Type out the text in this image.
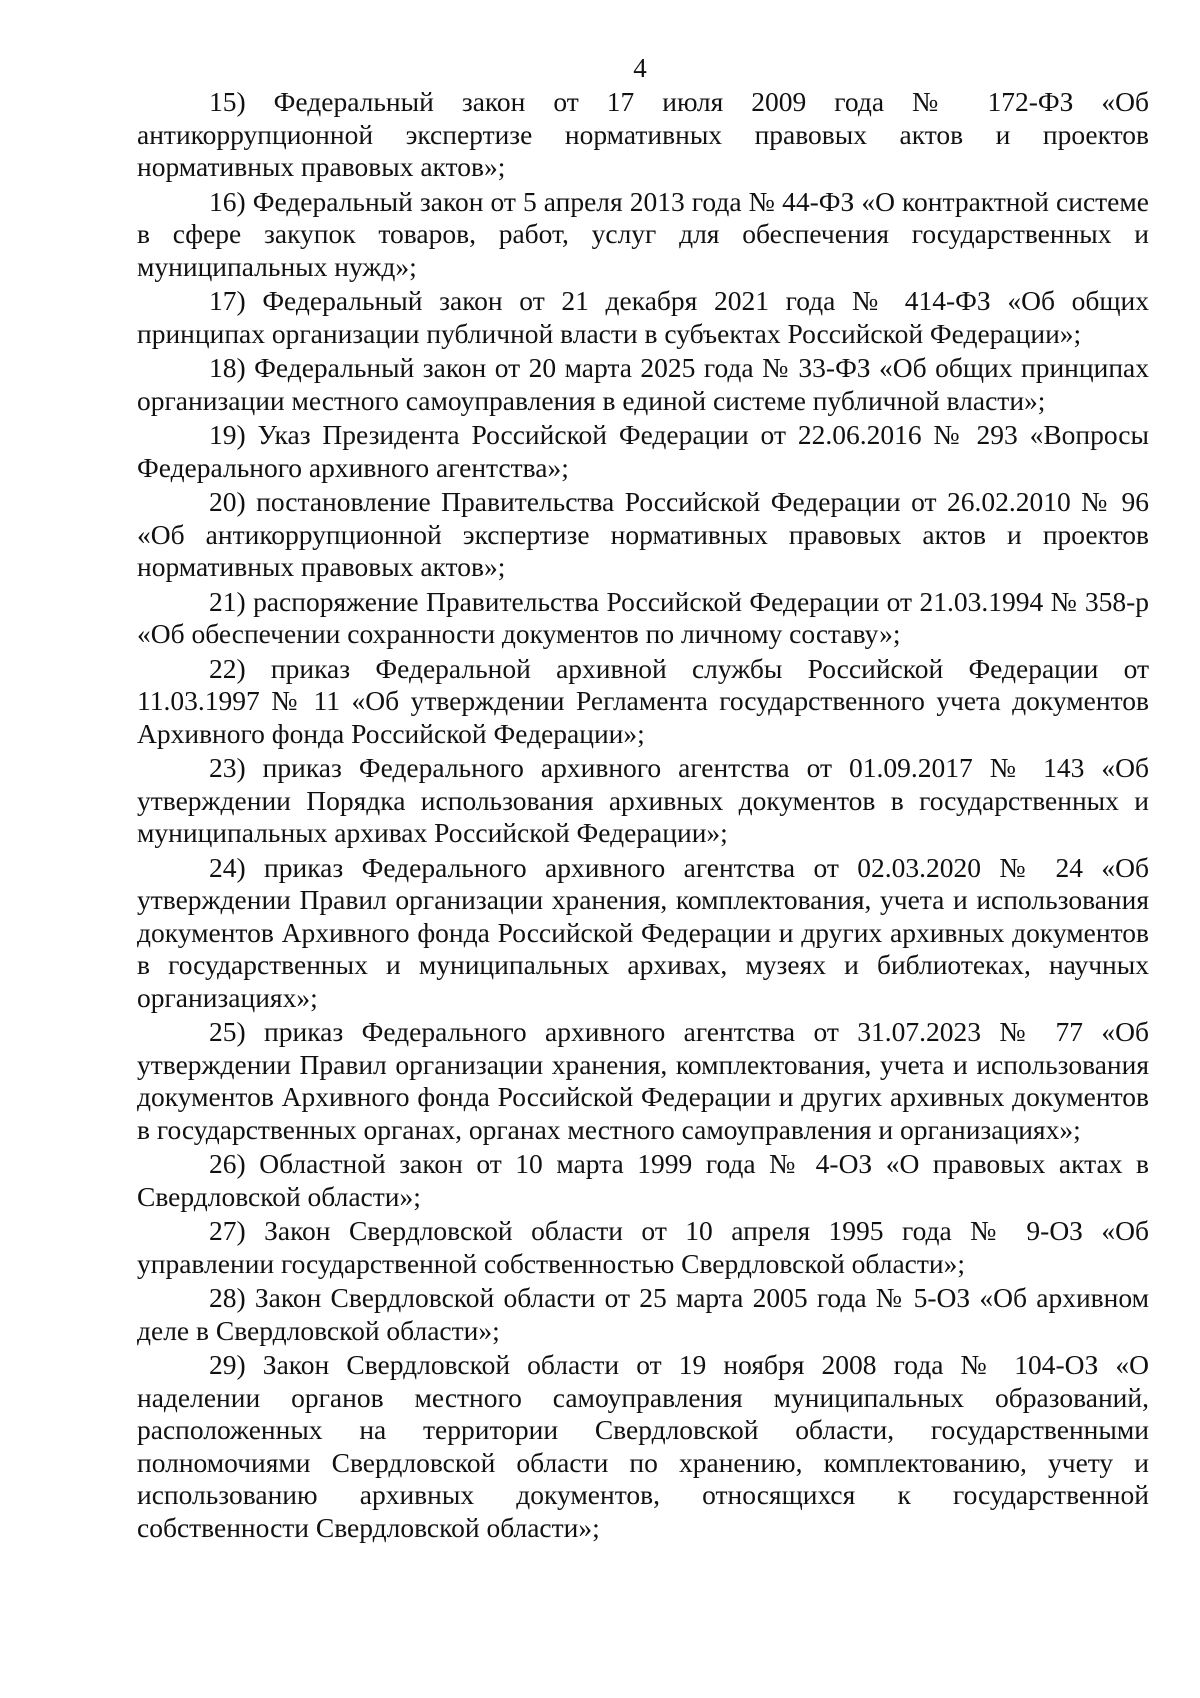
4

15) Федеральный закон от 17 июля 2009 года № 172-ФЗ «Об антикоррупционной экспертизе нормативных правовых актов и проектов нормативных правовых актов»;

16) Федеральный закон от 5 апреля 2013 года № 44-ФЗ «О контрактной системе в сфере закупок товаров, работ, услуг для обеспечения государственных и муниципальных нужд»;

17) Федеральный закон от 21 декабря 2021 года № 414-ФЗ «Об общих принципах организации публичной власти в субъектах Российской Федерации»;

18) Федеральный закон от 20 марта 2025 года № 33-ФЗ «Об общих принципах организации местного самоуправления в единой системе публичной власти»;

19) Указ Президента Российской Федерации от 22.06.2016 № 293 «Вопросы Федерального архивного агентства»;

20) постановление Правительства Российской Федерации от 26.02.2010 № 96 «Об антикоррупционной экспертизе нормативных правовых актов и проектов нормативных правовых актов»;

21) распоряжение Правительства Российской Федерации от 21.03.1994 № 358-р «Об обеспечении сохранности документов по личному составу»;

22) приказ Федеральной архивной службы Российской Федерации от 11.03.1997 № 11 «Об утверждении Регламента государственного учета документов Архивного фонда Российской Федерации»;

23) приказ Федерального архивного агентства от 01.09.2017 № 143 «Об утверждении Порядка использования архивных документов в государственных и муниципальных архивах Российской Федерации»;

24) приказ Федерального архивного агентства от 02.03.2020 № 24 «Об утверждении Правил организации хранения, комплектования, учета и использования документов Архивного фонда Российской Федерации и других архивных документов в государственных и муниципальных архивах, музеях и библиотеках, научных организациях»;

25) приказ Федерального архивного агентства от 31.07.2023 № 77 «Об утверждении Правил организации хранения, комплектования, учета и использования документов Архивного фонда Российской Федерации и других архивных документов в государственных органах, органах местного самоуправления и организациях»;

26) Областной закон от 10 марта 1999 года № 4-ОЗ «О правовых актах в Свердловской области»;

27) Закон Свердловской области от 10 апреля 1995 года № 9-ОЗ «Об управлении государственной собственностью Свердловской области»;

28) Закон Свердловской области от 25 марта 2005 года № 5-ОЗ «Об архивном деле в Свердловской области»;

29) Закон Свердловской области от 19 ноября 2008 года № 104-ОЗ «О наделении органов местного самоуправления муниципальных образований, расположенных на территории Свердловской области, государственными полномочиями Свердловской области по хранению, комплектованию, учету и использованию архивных документов, относящихся к государственной собственности Свердловской области»;
